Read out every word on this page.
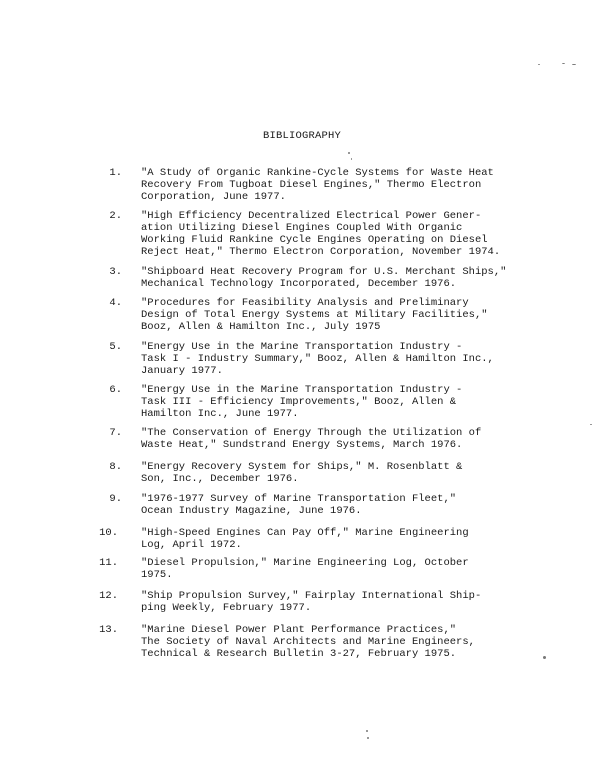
BIBLIOGRAPHY
1. "A Study of Organic Rankine-Cycle Systems for Waste Heat
Recovery From Tugboat Diesel Engines," Thermo Electron
Corporation, June 1977.
2. "High Efficiency Decentralized Electrical Power Gener-
ation Utilizing Diesel Engines Coupled With Organic
Working Fluid Rankine Cycle Engines Operating on Diesel
Reject Heat," Thermo Electron Corporation, November 1974.
3. "Shipboard Heat Recovery Program for U.S. Merchant Ships,"
Mechanical Technology Incorporated, December 1976.
4. "Procedures for Feasibility Analysis and Preliminary
Design of Total Energy Systems at Military Facilities,"
Booz, Allen & Hamilton Inc., July 1975
5. "Energy Use in the Marine Transportation Industry -
Task I - Industry Summary," Booz, Allen & Hamilton Inc.,
January 1977.
6. "Energy Use in the Marine Transportation Industry -
Task III - Efficiency Improvements," Booz, Allen &
Hamilton Inc., June 1977.
7. "The Conservation of Energy Through the Utilization of
Waste Heat," Sundstrand Energy Systems, March 1976.
8. "Energy Recovery System for Ships," M. Rosenblatt &
Son, Inc., December 1976.
9. "1976-1977 Survey of Marine Transportation Fleet,"
Ocean Industry Magazine, June 1976.
10. "High-Speed Engines Can Pay Off," Marine Engineering
Log, April 1972.
11. "Diesel Propulsion," Marine Engineering Log, October
1975.
12. "Ship Propulsion Survey," Fairplay International Ship-
ping Weekly, February 1977.
13. "Marine Diesel Power Plant Performance Practices,"
The Society of Naval Architects and Marine Engineers,
Technical & Research Bulletin 3-27, February 1975.
